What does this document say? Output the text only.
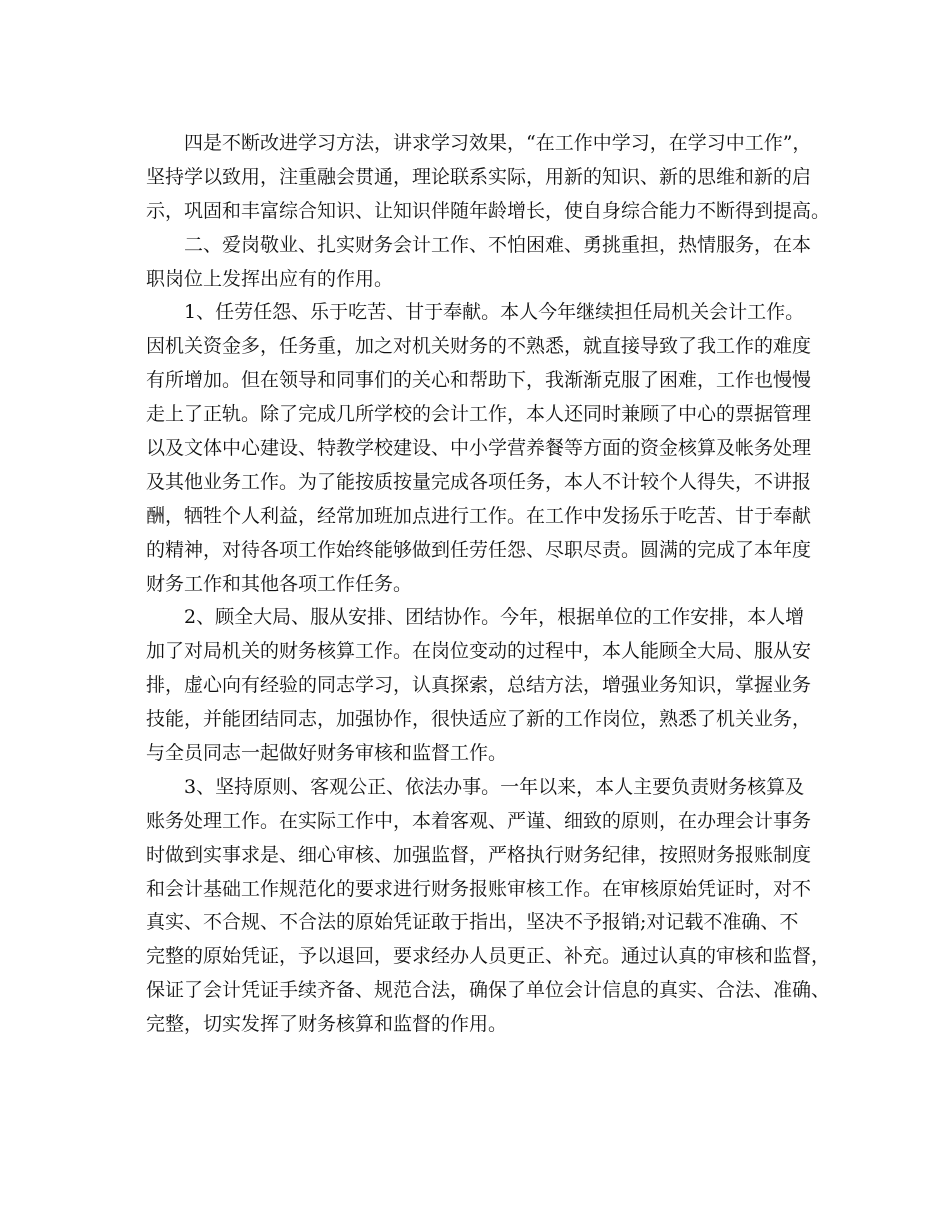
四是不断改进学习方法，讲求学习效果，“在工作中学习，在学习中工作”，
坚持学以致用，注重融会贯通，理论联系实际，用新的知识、新的思维和新的启
示，巩固和丰富综合知识、让知识伴随年龄增长，使自身综合能力不断得到提高。
二、爱岗敬业、扎实财务会计工作、不怕困难、勇挑重担，热情服务，在本
职岗位上发挥出应有的作用。
1、任劳任怨、乐于吃苦、甘于奉献。本人今年继续担任局机关会计工作。
因机关资金多，任务重，加之对机关财务的不熟悉，就直接导致了我工作的难度
有所增加。但在领导和同事们的关心和帮助下，我渐渐克服了困难，工作也慢慢
走上了正轨。除了完成几所学校的会计工作，本人还同时兼顾了中心的票据管理
以及文体中心建设、特教学校建设、中小学营养餐等方面的资金核算及帐务处理
及其他业务工作。为了能按质按量完成各项任务，本人不计较个人得失，不讲报
酬，牺牲个人利益，经常加班加点进行工作。在工作中发扬乐于吃苦、甘于奉献
的精神，对待各项工作始终能够做到任劳任怨、尽职尽责。圆满的完成了本年度
财务工作和其他各项工作任务。
2、顾全大局、服从安排、团结协作。今年，根据单位的工作安排，本人增
加了对局机关的财务核算工作。在岗位变动的过程中，本人能顾全大局、服从安
排，虚心向有经验的同志学习，认真探索，总结方法，增强业务知识，掌握业务
技能，并能团结同志，加强协作，很快适应了新的工作岗位，熟悉了机关业务，
与全员同志一起做好财务审核和监督工作。
3、坚持原则、客观公正、依法办事。一年以来，本人主要负责财务核算及
账务处理工作。在实际工作中，本着客观、严谨、细致的原则，在办理会计事务
时做到实事求是、细心审核、加强监督，严格执行财务纪律，按照财务报账制度
和会计基础工作规范化的要求进行财务报账审核工作。在审核原始凭证时，对不
真实、不合规、不合法的原始凭证敢于指出，坚决不予报销;对记载不准确、不
完整的原始凭证，予以退回，要求经办人员更正、补充。通过认真的审核和监督，
保证了会计凭证手续齐备、规范合法，确保了单位会计信息的真实、合法、准确、
完整，切实发挥了财务核算和监督的作用。
